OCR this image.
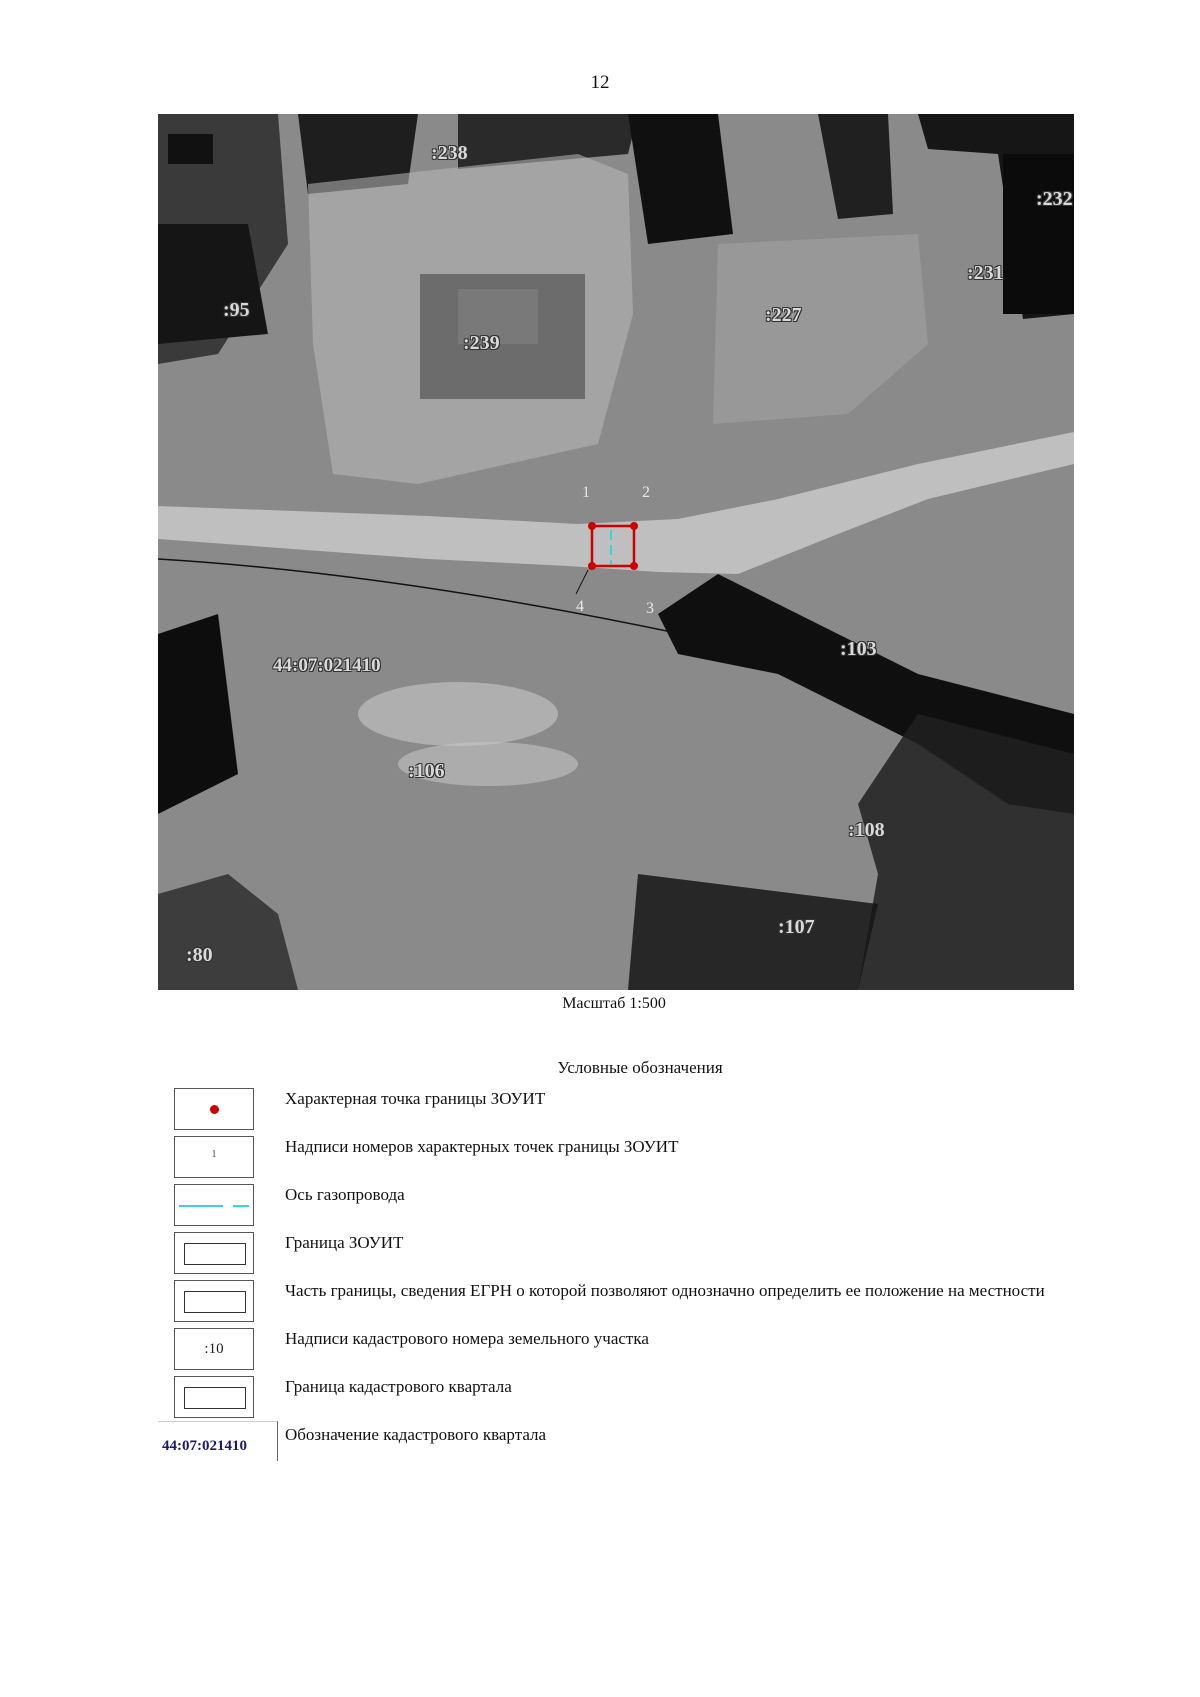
12
:238
:232
:95
:239
:227
:231
:103
:106
:108
:107
:80
44:07:021410
1	2
3
4
Масштаб 1:500
Условные обозначения
Характерная точка границы ЗОУИТ
1	Надписи номеров характерных точек границы ЗОУИТ
Ось газопровода
Граница ЗОУИТ
Часть границы, сведения ЕГРН о которой позволяют однозначно определить ее положение на местности
:10
Надписи кадастрового номера земельного участка
Граница кадастрового квартала
44:07:021410
Обозначение кадастрового квартала
